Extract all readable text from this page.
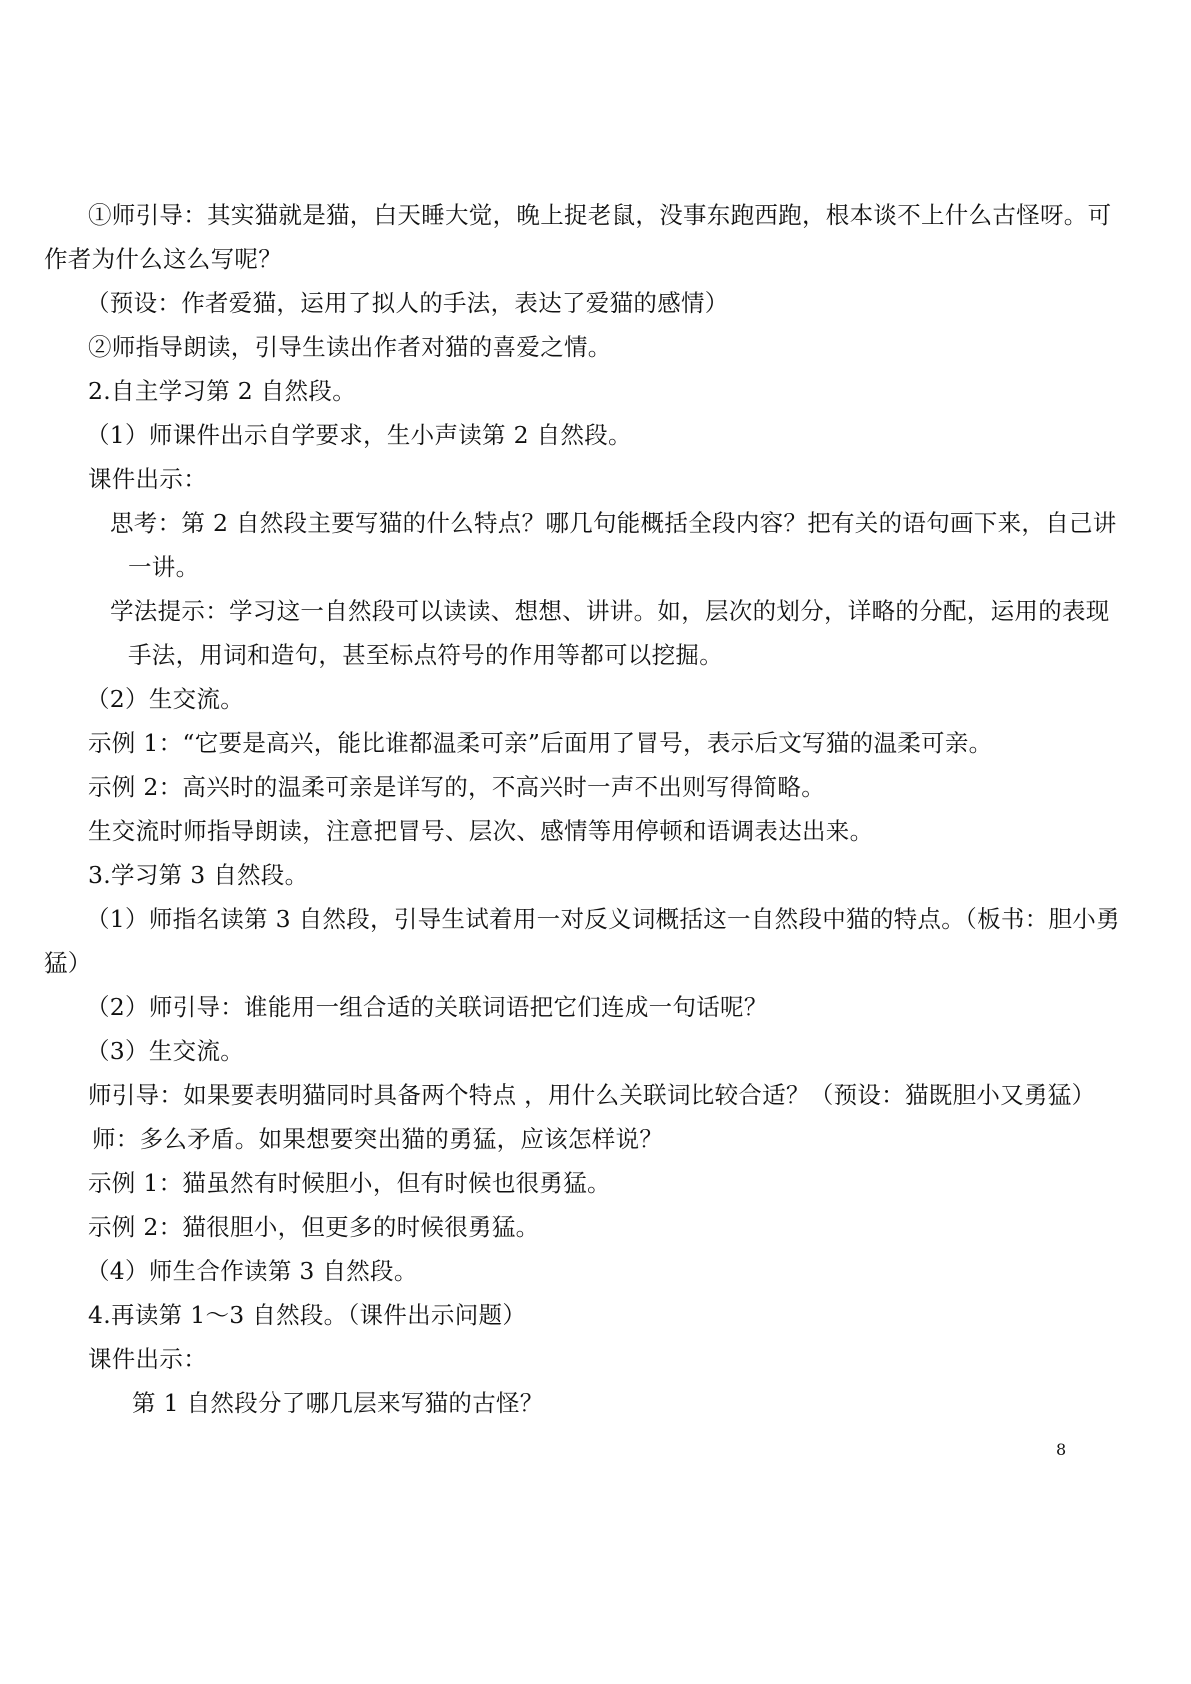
①师引导：其实猫就是猫，白天睡大觉，晚上捉老鼠，没事东跑西跑，根本谈不上什么古怪呀。可
作者为什么这么写呢？
（预设：作者爱猫，运用了拟人的手法，表达了爱猫的感情）
②师指导朗读，引导生读出作者对猫的喜爱之情。
2.自主学习第 2 自然段。
（1）师课件出示自学要求，生小声读第 2 自然段。
课件出示：
思考：第 2 自然段主要写猫的什么特点？哪几句能概括全段内容？把有关的语句画下来，自己讲
一讲。
学法提示：学习这一自然段可以读读、想想、讲讲。如，层次的划分，详略的分配，运用的表现
手法，用词和造句，甚至标点符号的作用等都可以挖掘。
（2）生交流。
示例 1：“它要是高兴，能比谁都温柔可亲”后面用了冒号，表示后文写猫的温柔可亲。
示例 2：高兴时的温柔可亲是详写的，不高兴时一声不出则写得简略。
生交流时师指导朗读，注意把冒号、层次、感情等用停顿和语调表达出来。
3.学习第 3 自然段。
（1）师指名读第 3 自然段，引导生试着用一对反义词概括这一自然段中猫的特点。（板书：胆小勇
猛）
（2）师引导：谁能用一组合适的关联词语把它们连成一句话呢？
（3）生交流。
师引导：如果要表明猫同时具备两个特点 ，用什么关联词比较合适？（预设：猫既胆小又勇猛）
师：多么矛盾。如果想要突出猫的勇猛，应该怎样说？
示例 1：猫虽然有时候胆小，但有时候也很勇猛。
示例 2：猫很胆小，但更多的时候很勇猛。
（4）师生合作读第 3 自然段。
4.再读第 1～3 自然段。（课件出示问题）
课件出示：
第 1 自然段分了哪几层来写猫的古怪？
8
